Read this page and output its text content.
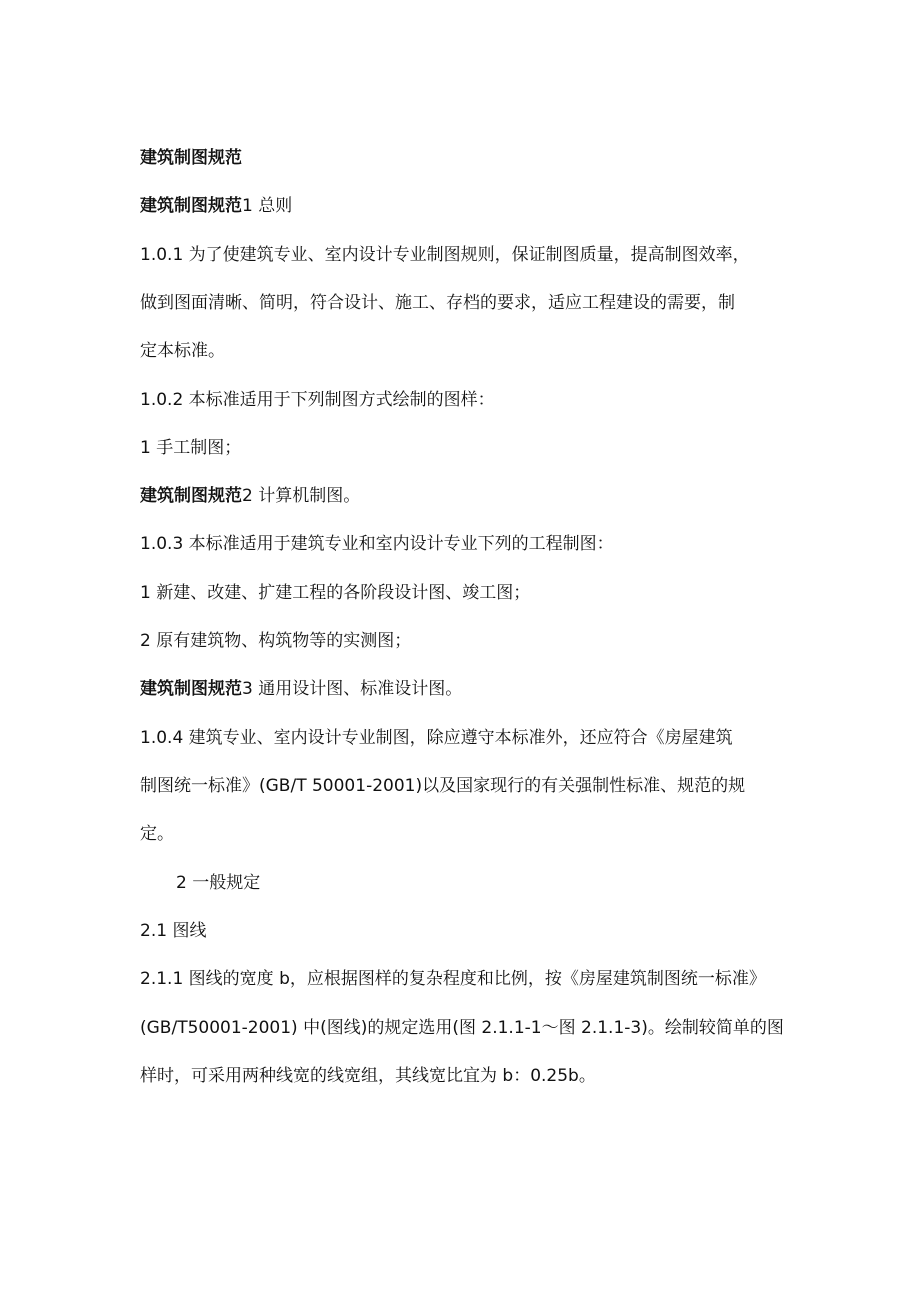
建筑制图规范
建筑制图规范1 总则
1.0.1 为了使建筑专业、室内设计专业制图规则，保证制图质量，提高制图效率，
做到图面清晰、简明，符合设计、施工、存档的要求，适应工程建设的需要，制
定本标准。
1.0.2 本标准适用于下列制图方式绘制的图样：
1 手工制图；
建筑制图规范2 计算机制图。
1.0.3 本标准适用于建筑专业和室内设计专业下列的工程制图：
1 新建、改建、扩建工程的各阶段设计图、竣工图；
2 原有建筑物、构筑物等的实测图；
建筑制图规范3 通用设计图、标准设计图。
1.0.4 建筑专业、室内设计专业制图，除应遵守本标准外，还应符合《房屋建筑
制图统一标准》(GB/T 50001-2001)以及国家现行的有关强制性标准、规范的规
定。
2 一般规定
2.1 图线
2.1.1 图线的宽度 b，应根据图样的复杂程度和比例，按《房屋建筑制图统一标准》
(GB/T50001-2001) 中(图线)的规定选用(图 2.1.1-1～图 2.1.1-3)。绘制较简单的图
样时，可采用两种线宽的线宽组，其线宽比宜为 b：0.25b。
